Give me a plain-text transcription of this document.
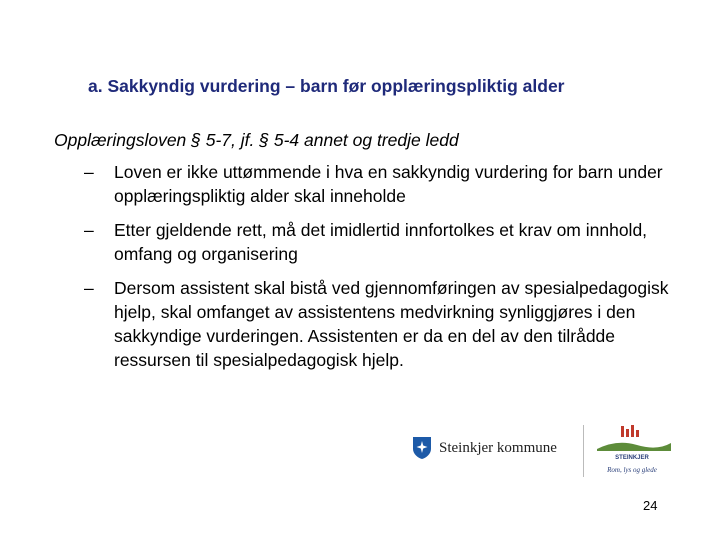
a. Sakkyndig vurdering – barn før opplæringspliktig alder
Opplæringsloven § 5-7, jf. § 5-4 annet og tredje ledd
– Loven er ikke uttømmende i hva en sakkyndig vurdering for barn under opplæringspliktig alder skal inneholde
– Etter gjeldende rett, må det imidlertid innfortolkes et krav om innhold, omfang og organisering
– Dersom assistent skal bistå ved gjennomføringen av spesialpedagogisk hjelp, skal omfanget av assistentens medvirkning synliggjøres i den sakkyndige vurderingen. Assistenten er da en del av den tilrådde ressursen til spesialpedagogisk hjelp.
Steinkjer kommune
STEINKJER
Rom, lys og glede
24
